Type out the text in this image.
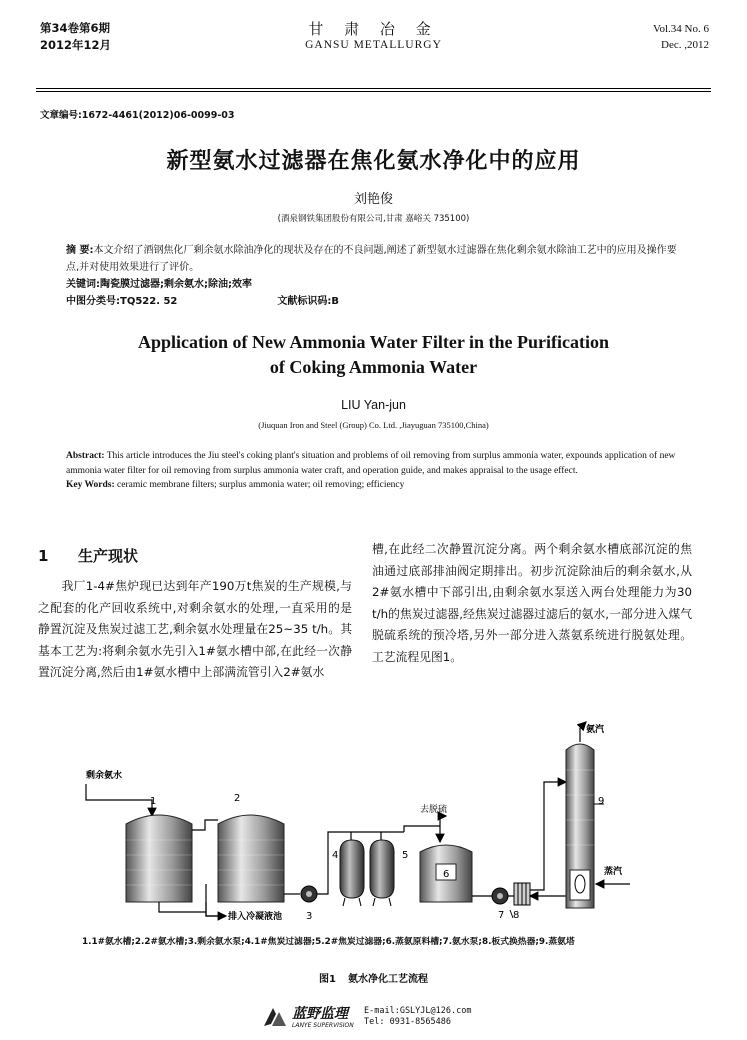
第34卷第6期
2012年12月
甘 肃 冶 金
GANSU METALLURGY
Vol.34 No. 6
Dec. ,2012
文章编号:1672-4461(2012)06-0099-03
新型氨水过滤器在焦化氨水净化中的应用
刘艳俊
(酒泉钢铁集团股份有限公司,甘肃 嘉峪关 735100)
摘 要:本文介绍了酒钢焦化厂剩余氨水除油净化的现状及存在的不良问题,阐述了新型氨水过滤器在焦化剩余氨水除油工艺中的应用及操作要点,并对使用效果进行了评价。
关键词:陶瓷膜过滤器;剩余氨水;除油;效率
中图分类号:TQ522. 52	文献标识码:B
Application of New Ammonia Water Filter in the Purification
of Coking Ammonia Water
LIU Yan-jun
(Jiuquan Iron and Steel (Group) Co. Ltd. ,Jiayuguan 735100,China)
Abstract: This article introduces the Jiu steel's coking plant's situation and problems of oil removing from surplus ammonia water, expounds application of new ammonia water filter for oil removing from surplus ammonia water craft, and operation guide, and makes appraisal to the usage effect.
Key Words: ceramic membrane filters; surplus ammonia water; oil removing; efficiency
1 生产现状
我厂1-4#焦炉现已达到年产190万t焦炭的生产规模,与之配套的化产回收系统中,对剩余氨水的处理,一直采用的是静置沉淀及焦炭过滤工艺,剩余氨水处理量在25~35 t/h。其基本工艺为:将剩余氨水先引入1#氨水槽中部,在此经一次静置沉淀分离,然后由1#氨水槽中上部满流管引入2#氨水
槽,在此经二次静置沉淀分离。两个剩余氨水槽底部沉淀的焦油通过底部排油阀定期排出。初步沉淀除油后的剩余氨水,从2#氨水槽中下部引出,由剩余氨水泵送入两台处理能力为30 t/h的焦炭过滤器,经焦炭过滤器过滤后的氨水,一部分进入煤气脱硫系统的预冷塔,另外一部分进入蒸氨系统进行脱氨处理。工艺流程见图1。
剩余氨水
1	2
排入冷凝液池 3
4	5
去脱硫
6
7 8
氨汽
9
蒸汽
1.1#氨水槽;2.2#氨水槽;3.剩余氨水泵;4.1#焦炭过滤器;5.2#焦炭过滤器;6.蒸氨原料槽;7.氨水泵;8.板式换热器;9.蒸氨塔
图1 氨水净化工艺流程
蓝野监理
LANYE SUPERVISION
E-mail:GSLYJL@126.com
Tel: 0931-8565486
